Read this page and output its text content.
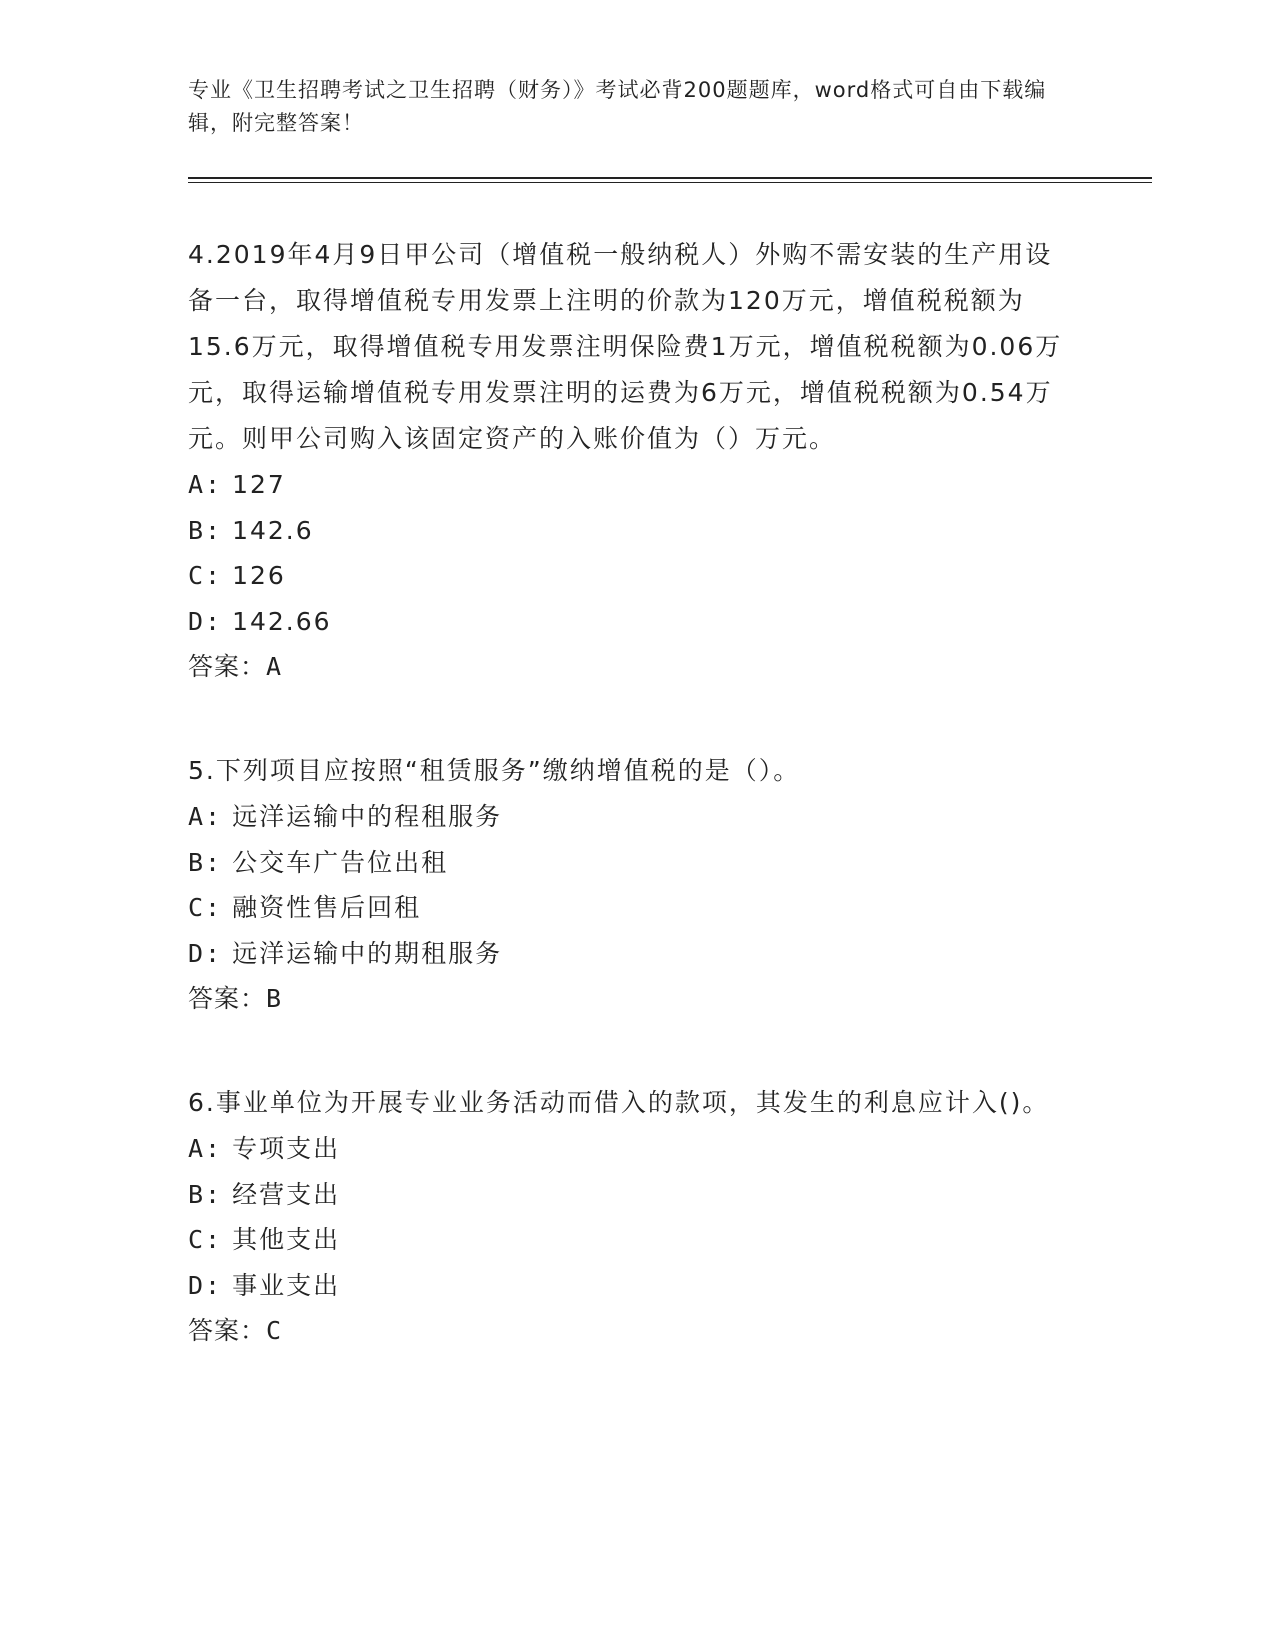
专业《卫生招聘考试之卫生招聘（财务）》考试必背200题题库，word格式可自由下载编辑，附完整答案！

4.2019年4月9日甲公司（增值税一般纳税人）外购不需安装的生产用设备一台，取得增值税专用发票上注明的价款为120万元，增值税税额为15.6万元，取得增值税专用发票注明保险费1万元，增值税税额为0.06万元，取得运输增值税专用发票注明的运费为6万元，增值税税额为0.54万元。则甲公司购入该固定资产的入账价值为（）万元。

A: 127

B: 142.6

C: 126

D: 142.66

答案：A

5.下列项目应按照“租赁服务”缴纳增值税的是（）。

A: 远洋运输中的程租服务

B: 公交车广告位出租

C: 融资性售后回租

D: 远洋运输中的期租服务

答案：B

6.事业单位为开展专业业务活动而借入的款项，其发生的利息应计入()。

A: 专项支出

B: 经营支出

C: 其他支出

D: 事业支出

答案：C
